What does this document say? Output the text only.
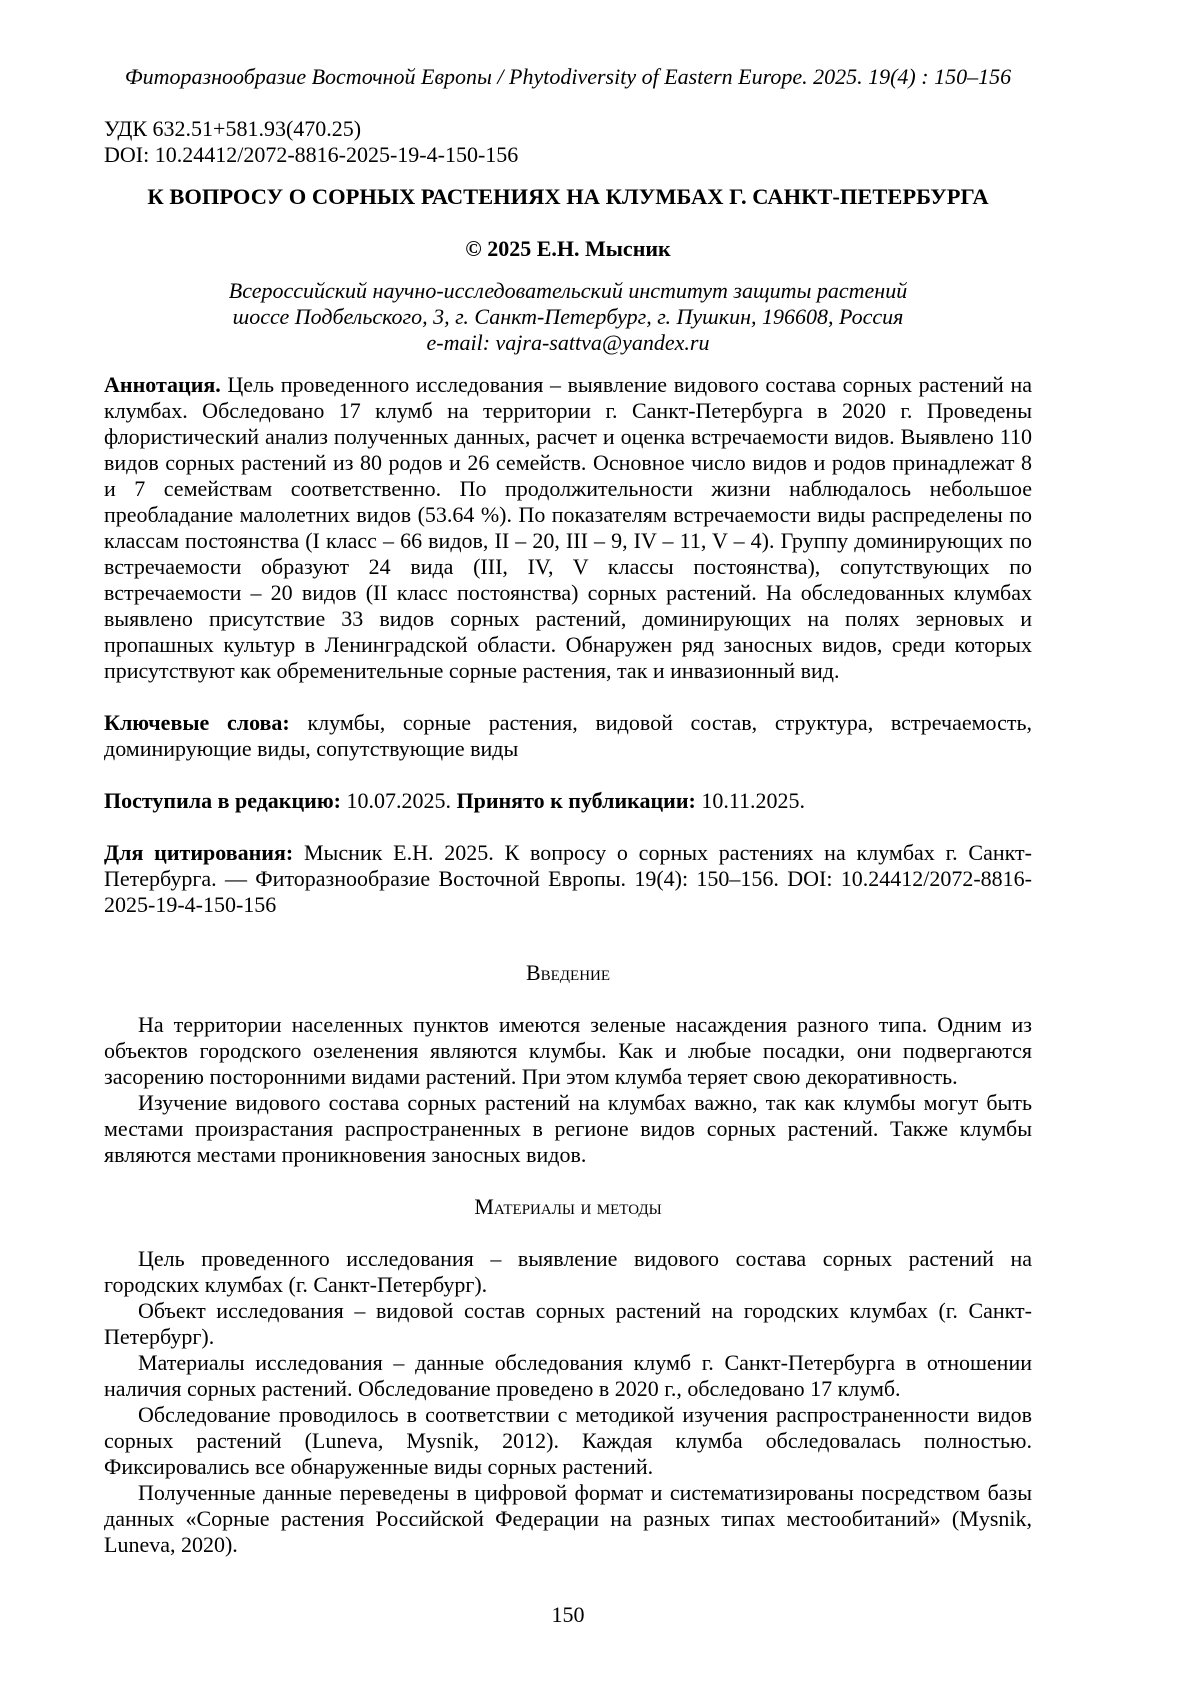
Фиторазнообразие Восточной Европы / Phytodiversity of Eastern Europe. 2025. 19(4) : 150–156
УДК 632.51+581.93(470.25)
DOI: 10.24412/2072-8816-2025-19-4-150-156
К ВОПРОСУ О СОРНЫХ РАСТЕНИЯХ НА КЛУМБАХ Г. САНКТ-ПЕТЕРБУРГА
© 2025 Е.Н. Мысник
Всероссийский научно-исследовательский институт защиты растений
шоссе Подбельского, 3, г. Санкт-Петербург, г. Пушкин, 196608, Россия
e-mail: vajra-sattva@yandex.ru

Аннотация. Цель проведенного исследования – выявление видового состава сорных растений на клумбах. Обследовано 17 клумб на территории г. Санкт-Петербурга в 2020 г. Проведены флористический анализ полученных данных, расчет и оценка встречаемости видов. Выявлено 110 видов сорных растений из 80 родов и 26 семейств. Основное число видов и родов принадлежат 8 и 7 семействам соответственно. По продолжительности жизни наблюдалось небольшое преобладание малолетних видов (53.64 %). По показателям встречаемости виды распределены по классам постоянства (I класс – 66 видов, II – 20, III – 9, IV – 11, V – 4). Группу доминирующих по встречаемости образуют 24 вида (III, IV, V классы постоянства), сопутствующих по встречаемости – 20 видов (II класс постоянства) сорных растений. На обследованных клумбах выявлено присутствие 33 видов сорных растений, доминирующих на полях зерновых и пропашных культур в Ленинградской области. Обнаружен ряд заносных видов, среди которых присутствуют как обременительные сорные растения, так и инвазионный вид.

Ключевые слова: клумбы, сорные растения, видовой состав, структура, встречаемость, доминирующие виды, сопутствующие виды

Поступила в редакцию: 10.07.2025. Принято к публикации: 10.11.2025.

Для цитирования: Мысник Е.Н. 2025. К вопросу о сорных растениях на клумбах г. Санкт-Петербурга. — Фиторазнообразие Восточной Европы. 19(4): 150–156. DOI: 10.24412/2072-8816-2025-19-4-150-156

Введение

На территории населенных пунктов имеются зеленые насаждения разного типа. Одним из объектов городского озеленения являются клумбы. Как и любые посадки, они подвергаются засорению посторонними видами растений. При этом клумба теряет свою декоративность.

Изучение видового состава сорных растений на клумбах важно, так как клумбы могут быть местами произрастания распространенных в регионе видов сорных растений. Также клумбы являются местами проникновения заносных видов.

Материалы и методы

Цель проведенного исследования – выявление видового состава сорных растений на городских клумбах (г. Санкт-Петербург).

Объект исследования – видовой состав сорных растений на городских клумбах (г. Санкт-Петербург).

Материалы исследования – данные обследования клумб г. Санкт-Петербурга в отношении наличия сорных растений. Обследование проведено в 2020 г., обследовано 17 клумб.

Обследование проводилось в соответствии с методикой изучения распространенности видов сорных растений (Luneva, Mysnik, 2012). Каждая клумба обследовалась полностью. Фиксировались все обнаруженные виды сорных растений.

Полученные данные переведены в цифровой формат и систематизированы посредством базы данных «Сорные растения Российской Федерации на разных типах местообитаний» (Mysnik, Luneva, 2020).

150
